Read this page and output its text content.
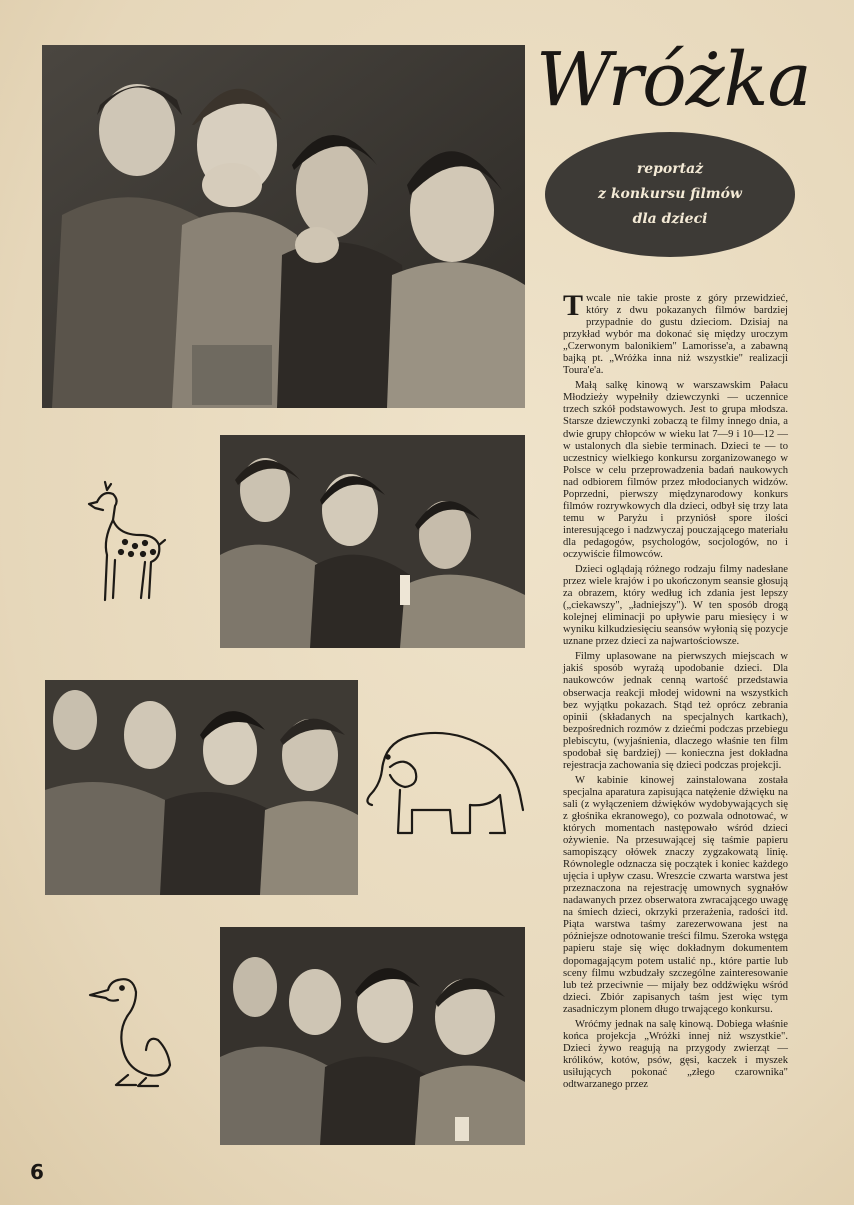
Wróżka
reportaż
z konkursu filmów
dla dzieci

Twcale nie takie proste z góry przewidzieć, który z dwu pokazanych filmów bardziej przypadnie do gustu dzieciom. Dzisiaj na przykład wybór ma dokonać się między uroczym „Czerwonym balonikiem" Lamorisse'a, a zabawną bajką pt. „Wróżka inna niż wszystkie" realizacji Toura'e'a.

Małą salkę kinową w warszawskim Pałacu Młodzieży wypełniły dziewczynki — uczennice trzech szkół podstawowych. Jest to grupa młodsza. Starsze dziewczynki zobaczą te filmy innego dnia, a dwie grupy chłopców w wieku lat 7—9 i 10—12 — w ustalonych dla siebie terminach. Dzieci te — to uczestnicy wielkiego konkursu zorganizowanego w Polsce w celu przeprowadzenia badań naukowych nad odbiorem filmów przez młodocianych widzów. Poprzedni, pierwszy międzynarodowy konkurs filmów rozrywkowych dla dzieci, odbył się trzy lata temu w Paryżu i przyniósł spore ilości interesującego i nadzwyczaj pouczającego materiału dla pedagogów, psychologów, socjologów, no i oczywiście filmowców.

Dzieci oglądają różnego rodzaju filmy nadesłane przez wiele krajów i po ukończonym seansie głosują za obrazem, który według ich zdania jest lepszy („ciekawszy", „ładniejszy"). W ten sposób drogą kolejnej eliminacji po upływie paru miesięcy i w wyniku kilkudziesięciu seansów wyłonią się pozycje uznane przez dzieci za najwartościowsze.

Filmy uplasowane na pierwszych miejscach w jakiś sposób wyrażą upodobanie dzieci. Dla naukowców jednak cenną wartość przedstawia obserwacja reakcji młodej widowni na wszystkich bez wyjątku pokazach. Stąd też oprócz zebrania opinii (składanych na specjalnych kartkach), bezpośrednich rozmów z dziećmi podczas przebiegu plebiscytu, (wyjaśnienia, dlaczego właśnie ten film spodobał się bardziej) — konieczna jest dokładna rejestracja zachowania się dzieci podczas projekcji.

W kabinie kinowej zainstalowana została specjalna aparatura zapisująca natężenie dźwięku na sali (z wyłączeniem dźwięków wydobywających się z głośnika ekranowego), co pozwala odnotować, w których momentach następowało wśród dzieci ożywienie. Na przesuwającej się taśmie papieru samopiszący ołówek znaczy zygzakowatą linię. Równolegle odznacza się początek i koniec każdego ujęcia i upływ czasu. Wreszcie czwarta warstwa jest przeznaczona na rejestrację umownych sygnałów nadawanych przez obserwatora zwracającego uwagę na śmiech dzieci, okrzyki przerażenia, radości itd. Piąta warstwa taśmy zarezerwowana jest na późniejsze odnotowanie treści filmu. Szeroka wstęga papieru staje się więc dokładnym dokumentem dopomagającym potem ustalić np., które partie lub sceny filmu wzbudzały szczególne zainteresowanie lub też przeciwnie — mijały bez oddźwięku wśród dzieci. Zbiór zapisanych taśm jest więc tym zasadniczym plonem długo trwającego konkursu.

Wróćmy jednak na salę kinową. Dobiega właśnie końca projekcja „Wróżki innej niż wszystkie". Dzieci żywo reagują na przygody zwierząt — królików, kotów, psów, gęsi, kaczek i myszek usiłujących pokonać „złego czarownika" odtwarzanego przez

6
